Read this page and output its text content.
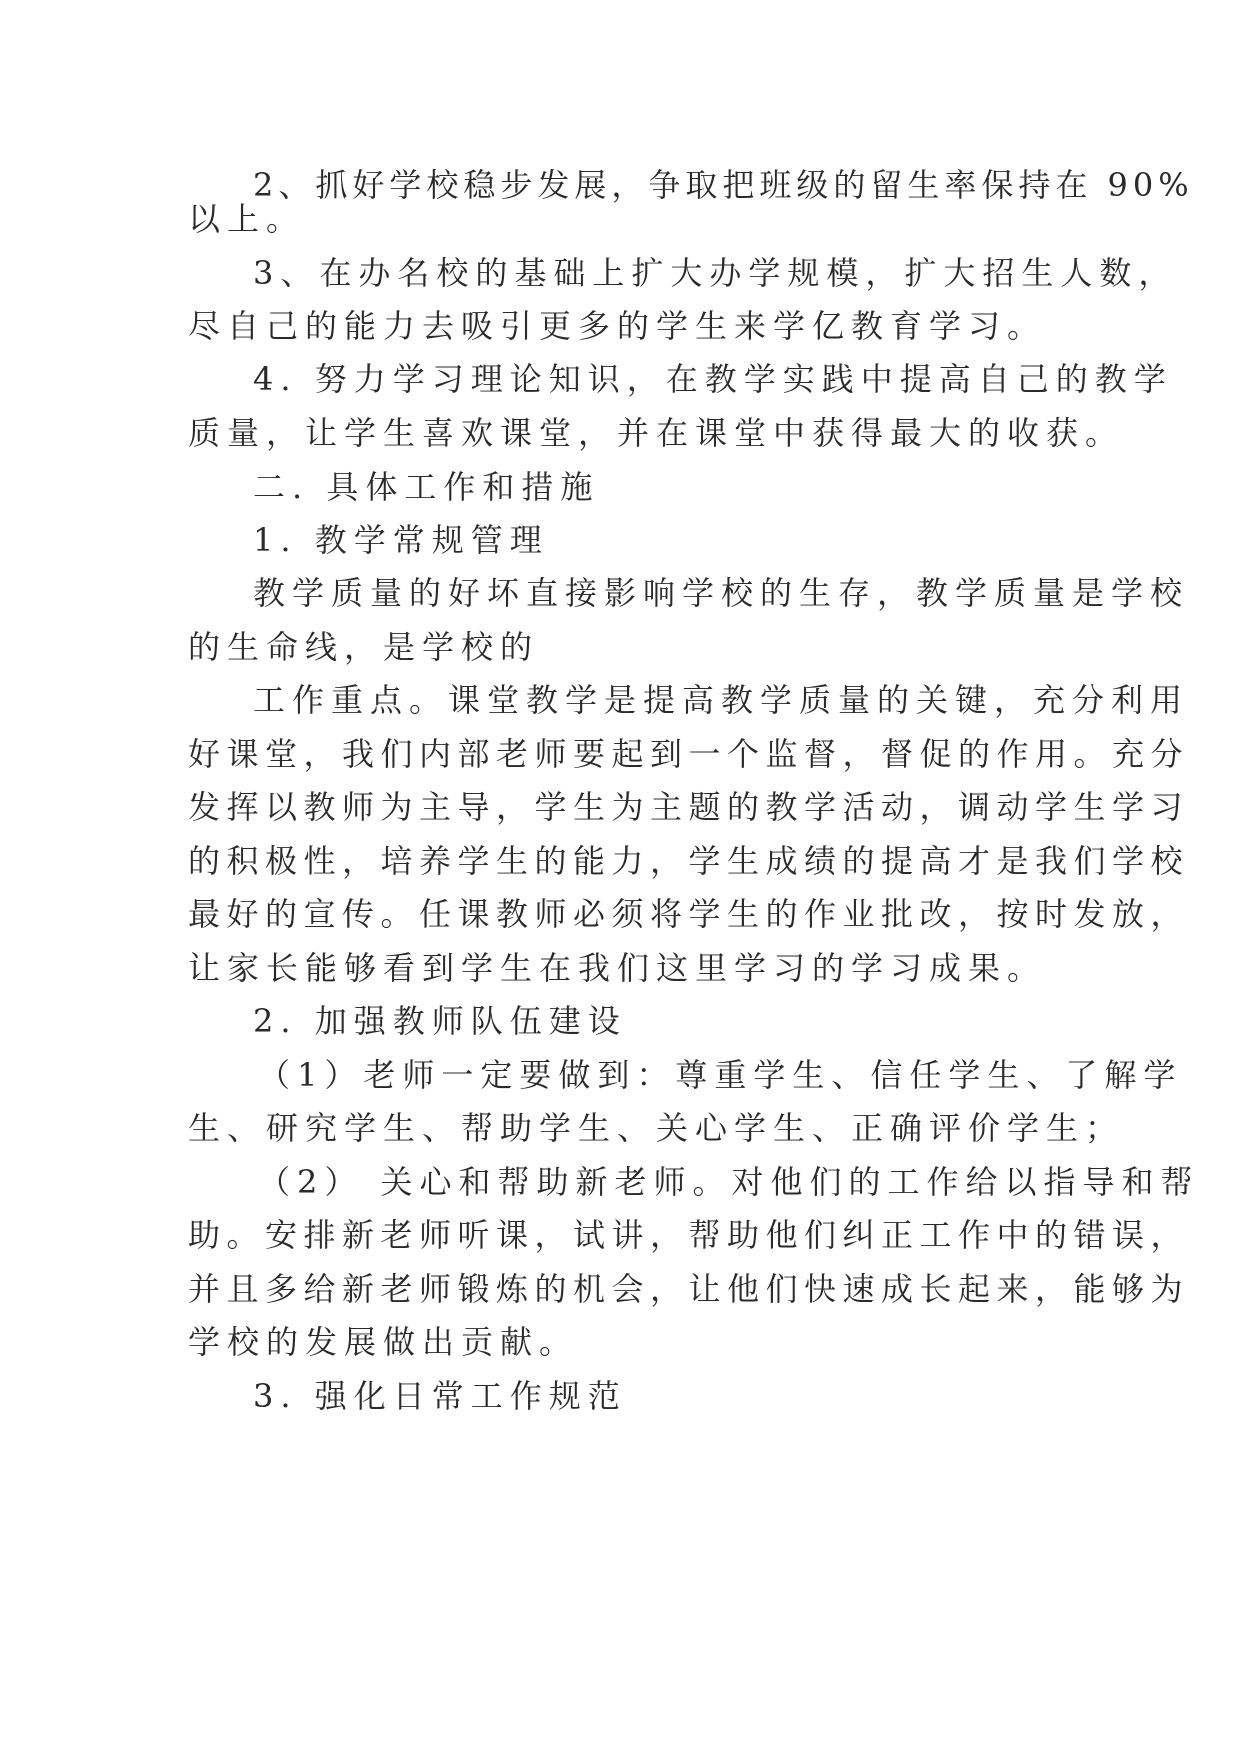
2、抓好学校稳步发展，争取把班级的留生率保持在 90%

以上。

3、在办名校的基础上扩大办学规模，扩大招生人数，

尽自己的能力去吸引更多的学生来学亿教育学习。

4. 努力学习理论知识，在教学实践中提高自己的教学

质量，让学生喜欢课堂，并在课堂中获得最大的收获。

二. 具体工作和措施

1. 教学常规管理

教学质量的好坏直接影响学校的生存，教学质量是学校

的生命线，是学校的

工作重点。课堂教学是提高教学质量的关键，充分利用

好课堂，我们内部老师要起到一个监督，督促的作用。充分

发挥以教师为主导，学生为主题的教学活动，调动学生学习

的积极性，培养学生的能力，学生成绩的提高才是我们学校

最好的宣传。任课教师必须将学生的作业批改，按时发放，

让家长能够看到学生在我们这里学习的学习成果。

2. 加强教师队伍建设

（1）老师一定要做到：尊重学生、信任学生、了解学

生、研究学生、帮助学生、关心学生、正确评价学生；

（2） 关心和帮助新老师。对他们的工作给以指导和帮

助。安排新老师听课，试讲，帮助他们纠正工作中的错误，

并且多给新老师锻炼的机会，让他们快速成长起来，能够为

学校的发展做出贡献。

3. 强化日常工作规范
